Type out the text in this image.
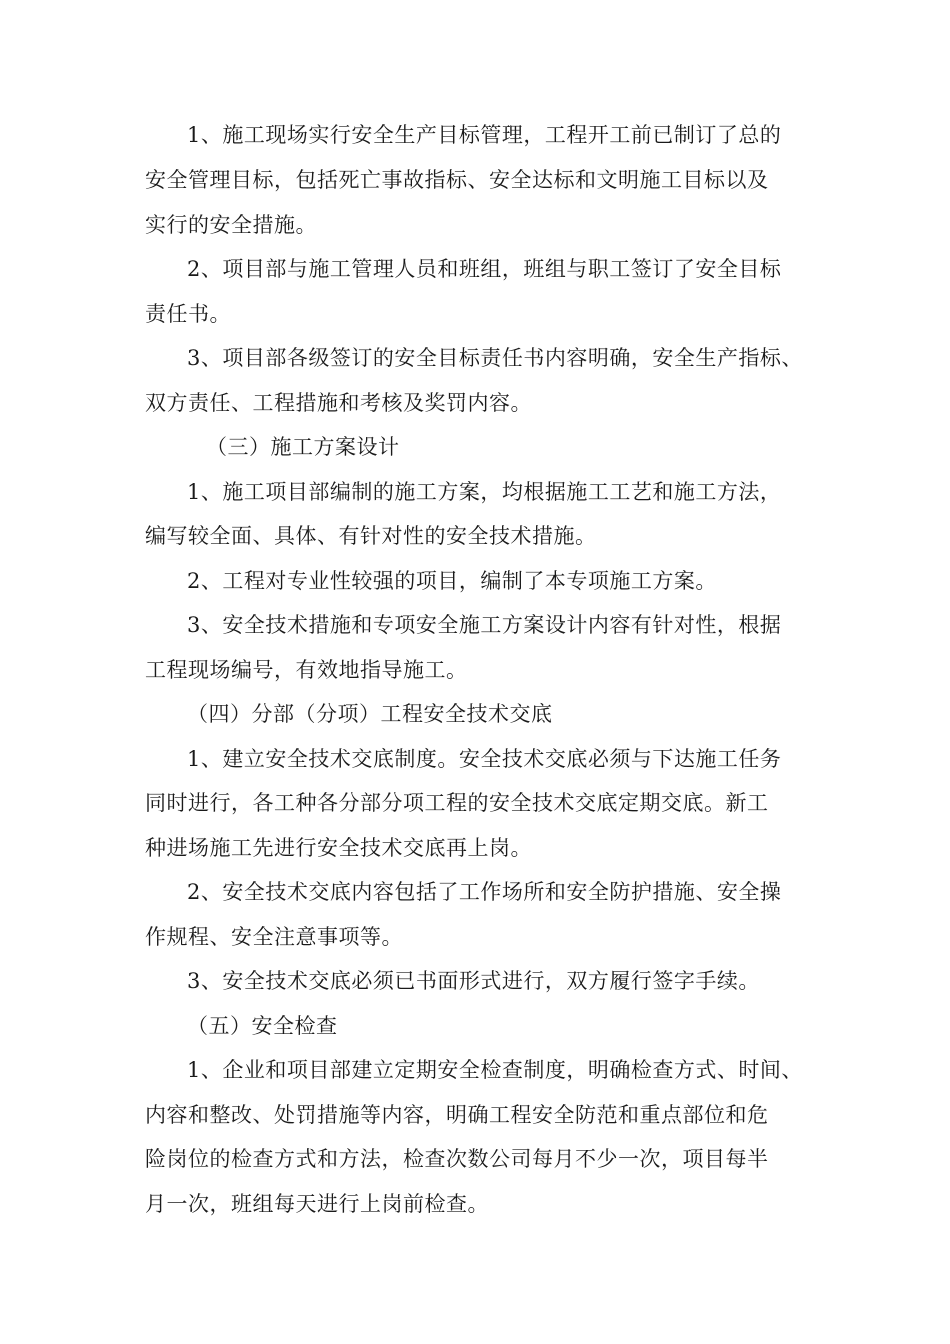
1、施工现场实行安全生产目标管理，工程开工前已制订了总的
安全管理目标，包括死亡事故指标、安全达标和文明施工目标以及
实行的安全措施。
2、项目部与施工管理人员和班组，班组与职工签订了安全目标
责任书。
3、项目部各级签订的安全目标责任书内容明确，安全生产指标、
双方责任、工程措施和考核及奖罚内容。
（三）施工方案设计
1、施工项目部编制的施工方案，均根据施工工艺和施工方法，
编写较全面、具体、有针对性的安全技术措施。
2、工程对专业性较强的项目，编制了本专项施工方案。
3、安全技术措施和专项安全施工方案设计内容有针对性，根据
工程现场编号，有效地指导施工。
（四）分部（分项）工程安全技术交底
1、建立安全技术交底制度。安全技术交底必须与下达施工任务
同时进行，各工种各分部分项工程的安全技术交底定期交底。新工
种进场施工先进行安全技术交底再上岗。
2、安全技术交底内容包括了工作场所和安全防护措施、安全操
作规程、安全注意事项等。
3、安全技术交底必须已书面形式进行，双方履行签字手续。
（五）安全检查
1、企业和项目部建立定期安全检查制度，明确检查方式、时间、
内容和整改、处罚措施等内容，明确工程安全防范和重点部位和危
险岗位的检查方式和方法，检查次数公司每月不少一次，项目每半
月一次，班组每天进行上岗前检查。
